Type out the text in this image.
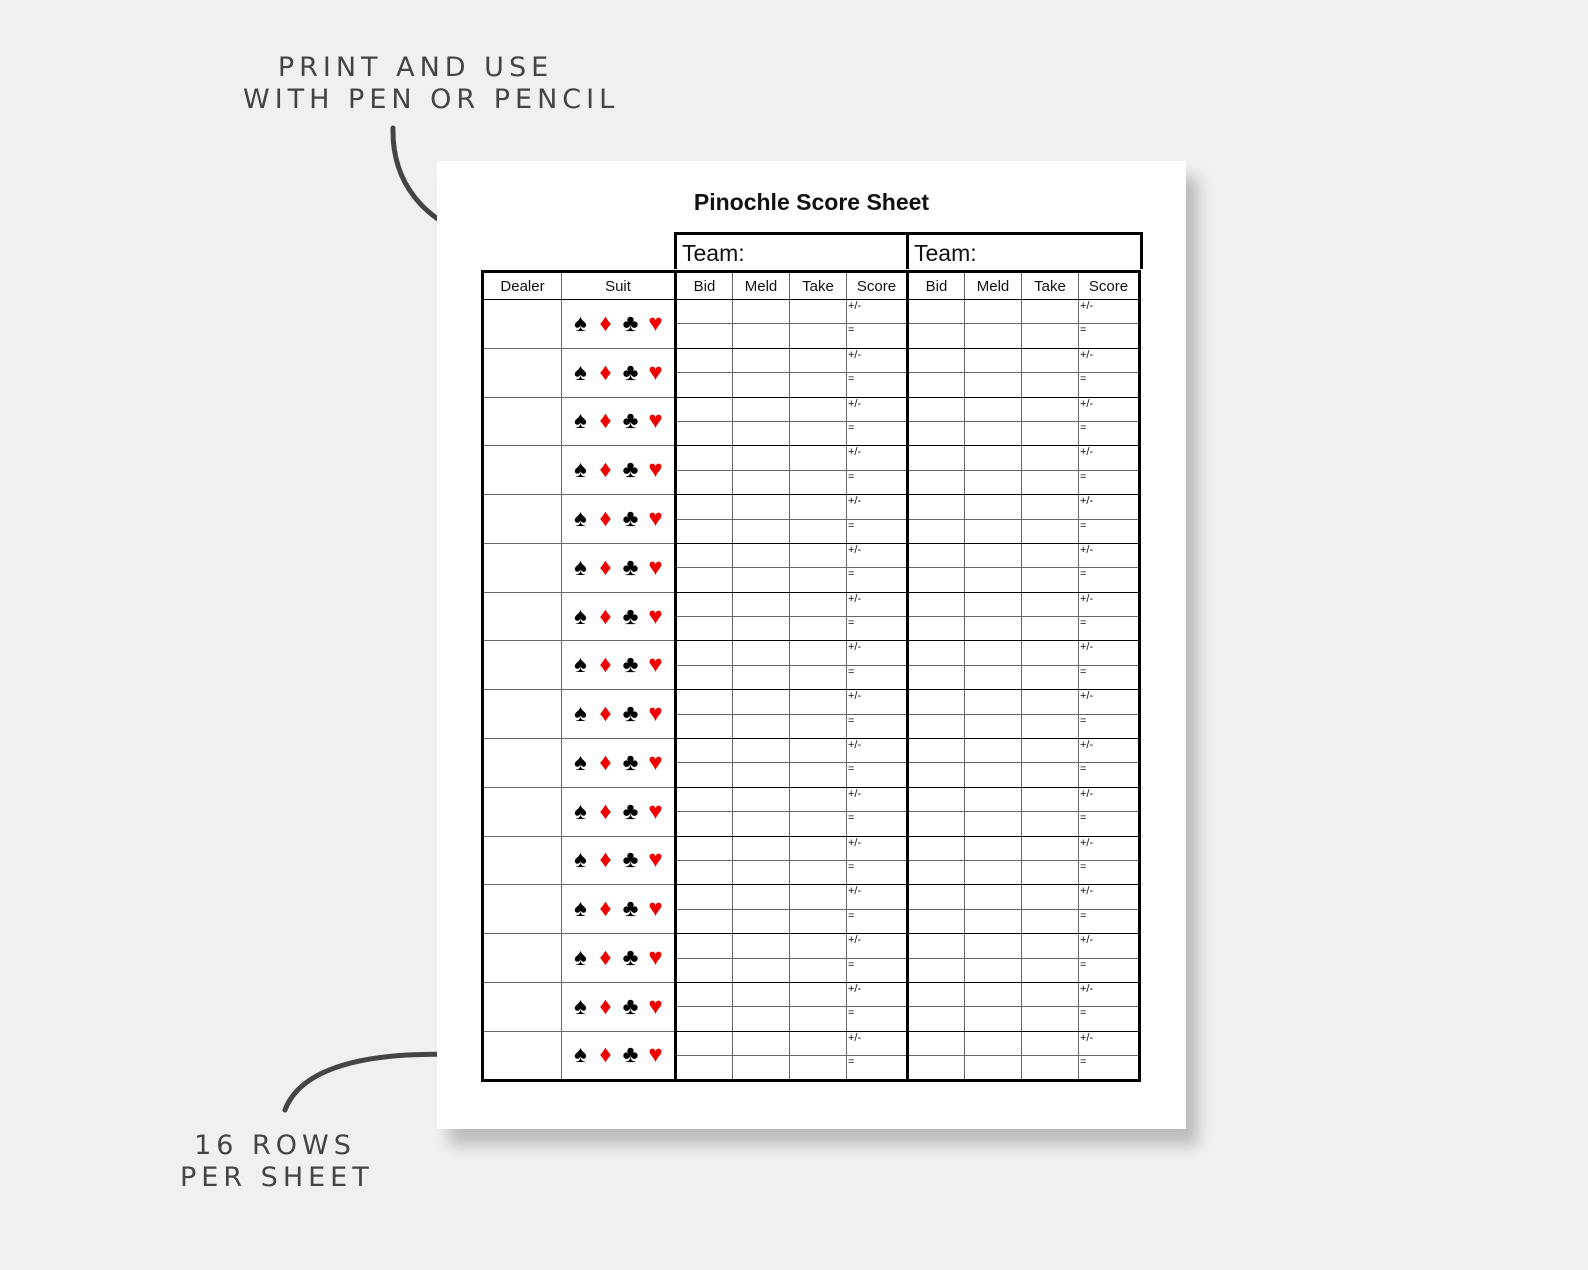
PRINT AND USE
WITH PEN OR PENCIL
16 ROWS
PER SHEET
Pinochle Score Sheet
Team:	Team:
Dealer	Suit	Bid	Meld	Take	Score	Bid	Meld	Take	Score
	♠ ♦ ♣ ♥				+/-				+/-
					=				=
	♠ ♦ ♣ ♥				+/-				+/-
					=				=
	♠ ♦ ♣ ♥				+/-				+/-
					=				=
	♠ ♦ ♣ ♥				+/-				+/-
					=				=
	♠ ♦ ♣ ♥				+/-				+/-
					=				=
	♠ ♦ ♣ ♥				+/-				+/-
					=				=
	♠ ♦ ♣ ♥				+/-				+/-
					=				=
	♠ ♦ ♣ ♥				+/-				+/-
					=				=
	♠ ♦ ♣ ♥				+/-				+/-
					=				=
	♠ ♦ ♣ ♥				+/-				+/-
					=				=
	♠ ♦ ♣ ♥				+/-				+/-
					=				=
	♠ ♦ ♣ ♥				+/-				+/-
					=				=
	♠ ♦ ♣ ♥				+/-				+/-
					=				=
	♠ ♦ ♣ ♥				+/-				+/-
					=				=
	♠ ♦ ♣ ♥				+/-				+/-
					=				=
	♠ ♦ ♣ ♥				+/-				+/-
					=				=
